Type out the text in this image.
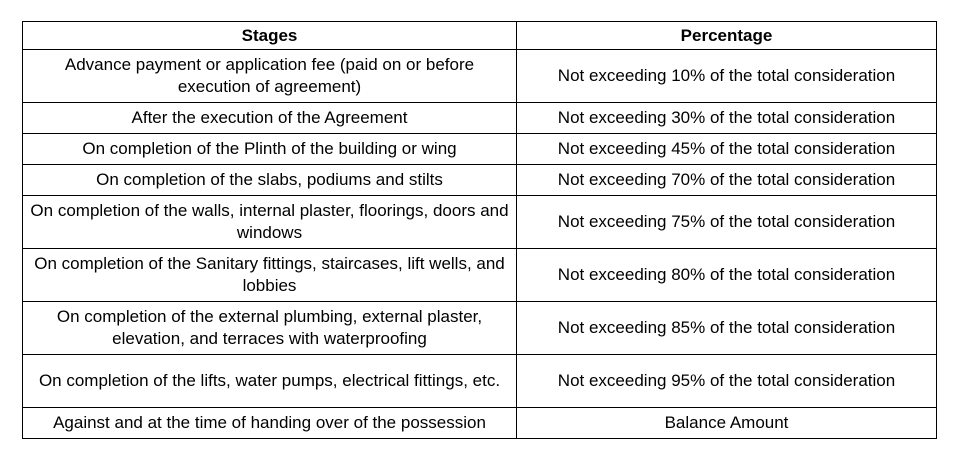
Stages	Percentage
Advance payment or application fee (paid on or before execution of agreement)	Not exceeding 10% of the total consideration
After the execution of the Agreement	Not exceeding 30% of the total consideration
On completion of the Plinth of the building or wing	Not exceeding 45% of the total consideration
On completion of the slabs, podiums and stilts	Not exceeding 70% of the total consideration
On completion of the walls, internal plaster, floorings, doors and windows	Not exceeding 75% of the total consideration
On completion of the Sanitary fittings, staircases, lift wells, and lobbies	Not exceeding 80% of the total consideration
On completion of the external plumbing, external plaster, elevation, and terraces with waterproofing	Not exceeding 85% of the total consideration
On completion of the lifts, water pumps, electrical fittings, etc.	Not exceeding 95% of the total consideration
Against and at the time of handing over of the possession	Balance Amount
